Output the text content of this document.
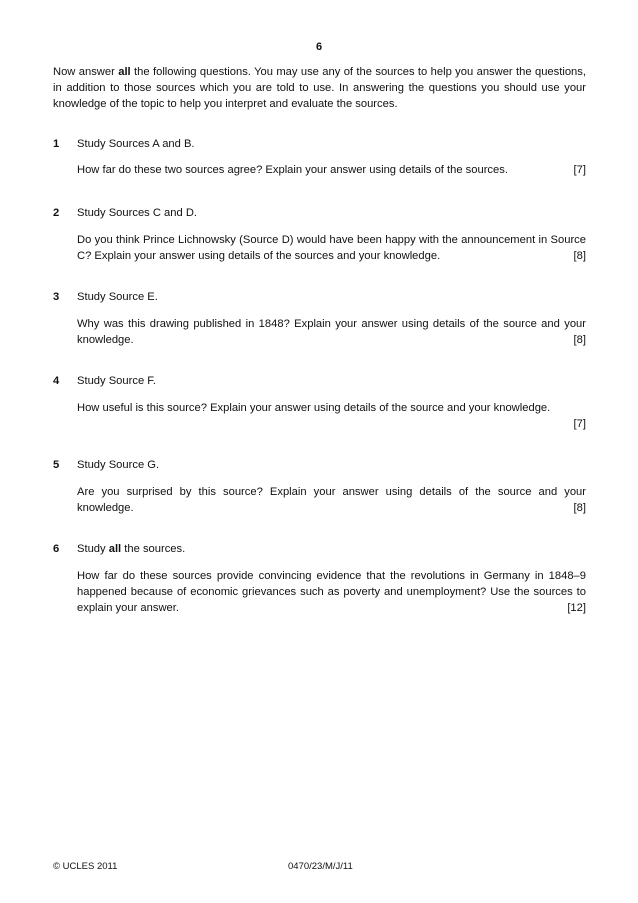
6
Now answer all the following questions. You may use any of the sources to help you answer the questions, in addition to those sources which you are told to use. In answering the questions you should use your knowledge of the topic to help you interpret and evaluate the sources.
1 Study Sources A and B.
[7]
How far do these two sources agree? Explain your answer using details of the sources.
2 Study Sources C and D.
Do you think Prince Lichnowsky (Source D) would have been happy with the announcement in Source C? Explain your answer using details of the sources and your knowledge.	[8]
3 Study Source E.
Why was this drawing published in 1848? Explain your answer using details of the source and your knowledge.	[8]
4 Study Source F.
How useful is this source? Explain your answer using details of the source and your knowledge.
[7]
5 Study Source G.
Are you surprised by this source? Explain your answer using details of the source and your knowledge.	[8]
6 Study all the sources.
How far do these sources provide convincing evidence that the revolutions in Germany in 1848–9 happened because of economic grievances such as poverty and unemployment? Use the sources to explain your answer.	[12]
© UCLES 2011	0470/23/M/J/11
